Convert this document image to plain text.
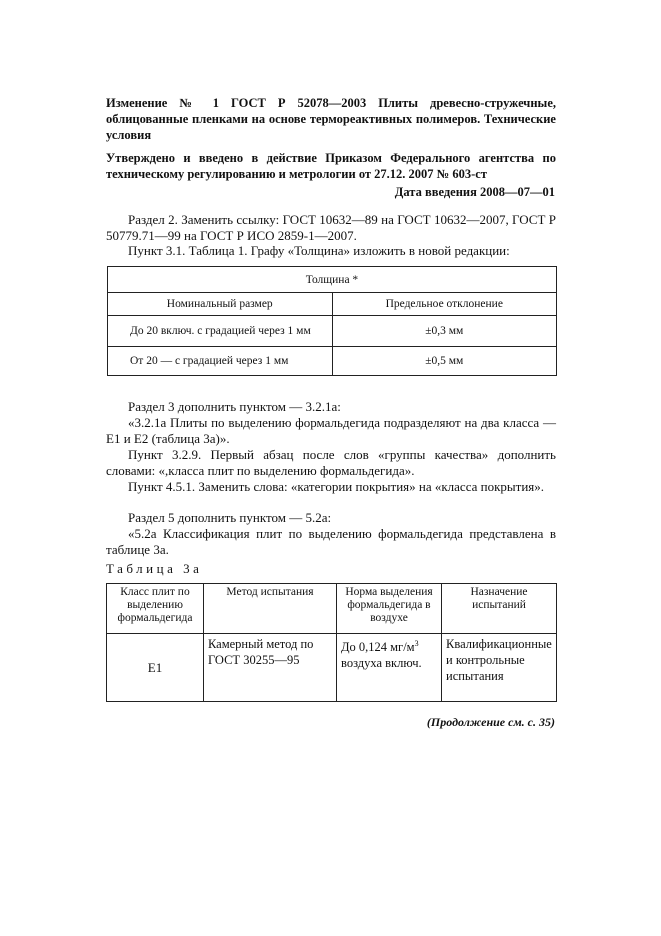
Изменение № 1 ГОСТ Р 52078—2003 Плиты древесно-стружечные, облицованные пленками на основе термореактивных полимеров. Технические условия
Утверждено и введено в действие Приказом Федерального агентства по техническому регулированию и метрологии от 27.12. 2007 № 603-ст
Дата введения 2008—07—01
Раздел 2. Заменить ссылку: ГОСТ 10632—89 на ГОСТ 10632—2007, ГОСТ Р 50779.71—99 на ГОСТ Р ИСО 2859-1—2007.
Пункт 3.1. Таблица 1. Графу «Толщина» изложить в новой редакции:
Толщина *	
Номинальный размер	Предельное отклонение
До 20 включ. с градацией через 1 мм	±0,3 мм
От 20 — с градацией через 1 мм	±0,5 мм
Раздел 3 дополнить пунктом — 3.2.1а:
«3.2.1а Плиты по выделению формальдегида подразделяют на два класса — Е1 и Е2 (таблица 3а)».
Пункт 3.2.9. Первый абзац после слов «группы качества» дополнить словами: «,класса плит по выделению формальдегида».
Пункт 4.5.1. Заменить слова: «категории покрытия» на «класса покрытия».
Раздел 5 дополнить пунктом — 5.2а:
«5.2а Классификация плит по выделению формальдегида представлена в таблице 3а.
Таблица 3а
Класс плит по выделению формальдегида	Метод испытания	Норма выделения формальдегида в воздухе	Назначение испытаний
Е1	Камерный метод по ГОСТ 30255—95	До 0,124 $мг/м^3$ воздуха включ.	Квалификационные и контрольные испытания
(Продолжение см. с. 35)
